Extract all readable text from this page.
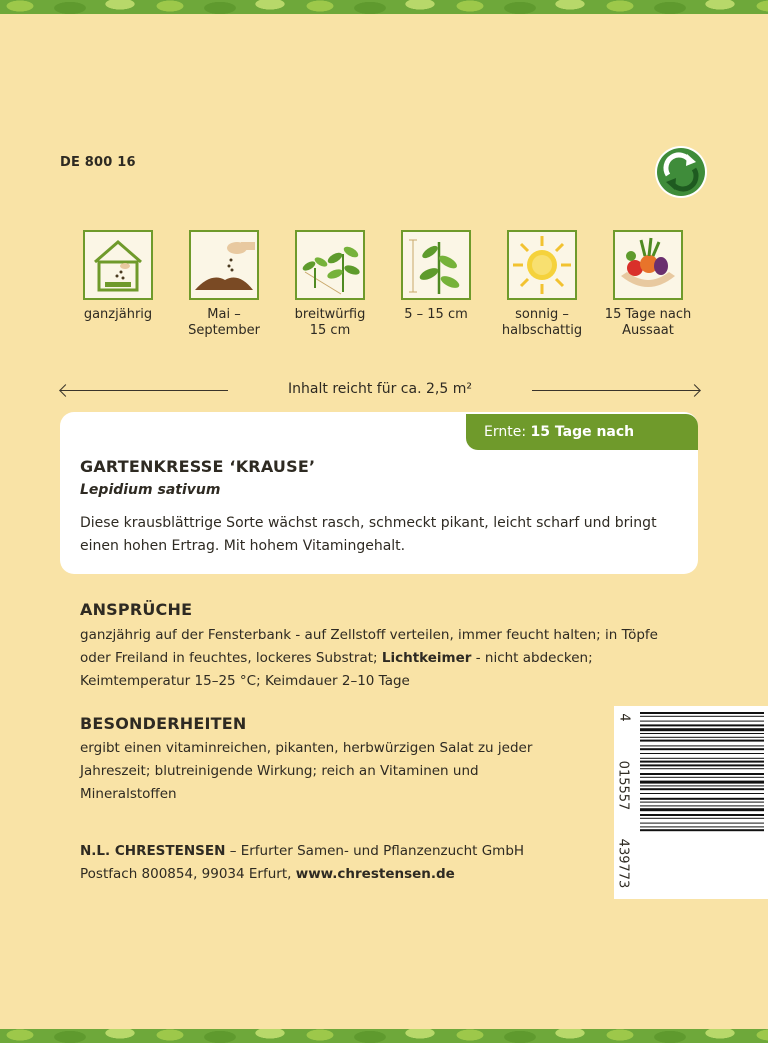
DE 800 16
ganzjährig	Mai –
September
breitwürfig
15 cm
5 – 15 cm	sonnig –
halbschattig
15 Tage nach
Aussaat
Inhalt reicht für ca. 2,5 m²
Ernte: 15 Tage nach Aussaat
GARTENKRESSE ‘KRAUSE’
Lepidium sativum
Diese krausblättrige Sorte wächst rasch, schmeckt pikant, leicht scharf und bringt einen hohen Ertrag. Mit hohem Vitamingehalt.
ANSPRÜCHE
ganzjährig auf der Fensterbank - auf Zellstoff verteilen, immer feucht halten; in Töpfe oder Freiland in feuchtes, lockeres Substrat; Lichtkeimer - nicht abdecken; Keimtemperatur 15–25 °C; Keimdauer 2–10 Tage
BESONDERHEITEN
ergibt einen vitaminreichen, pikanten, herbwürzigen Salat zu jeder Jahreszeit; blutreinigende Wirkung; reich an Vitaminen und Mineralstoffen
N.L. CHRESTENSEN – Erfurter Samen- und Pflanzenzucht GmbH
Postfach 800854, 99034 Erfurt, www.chrestensen.de
4
015557
439773
